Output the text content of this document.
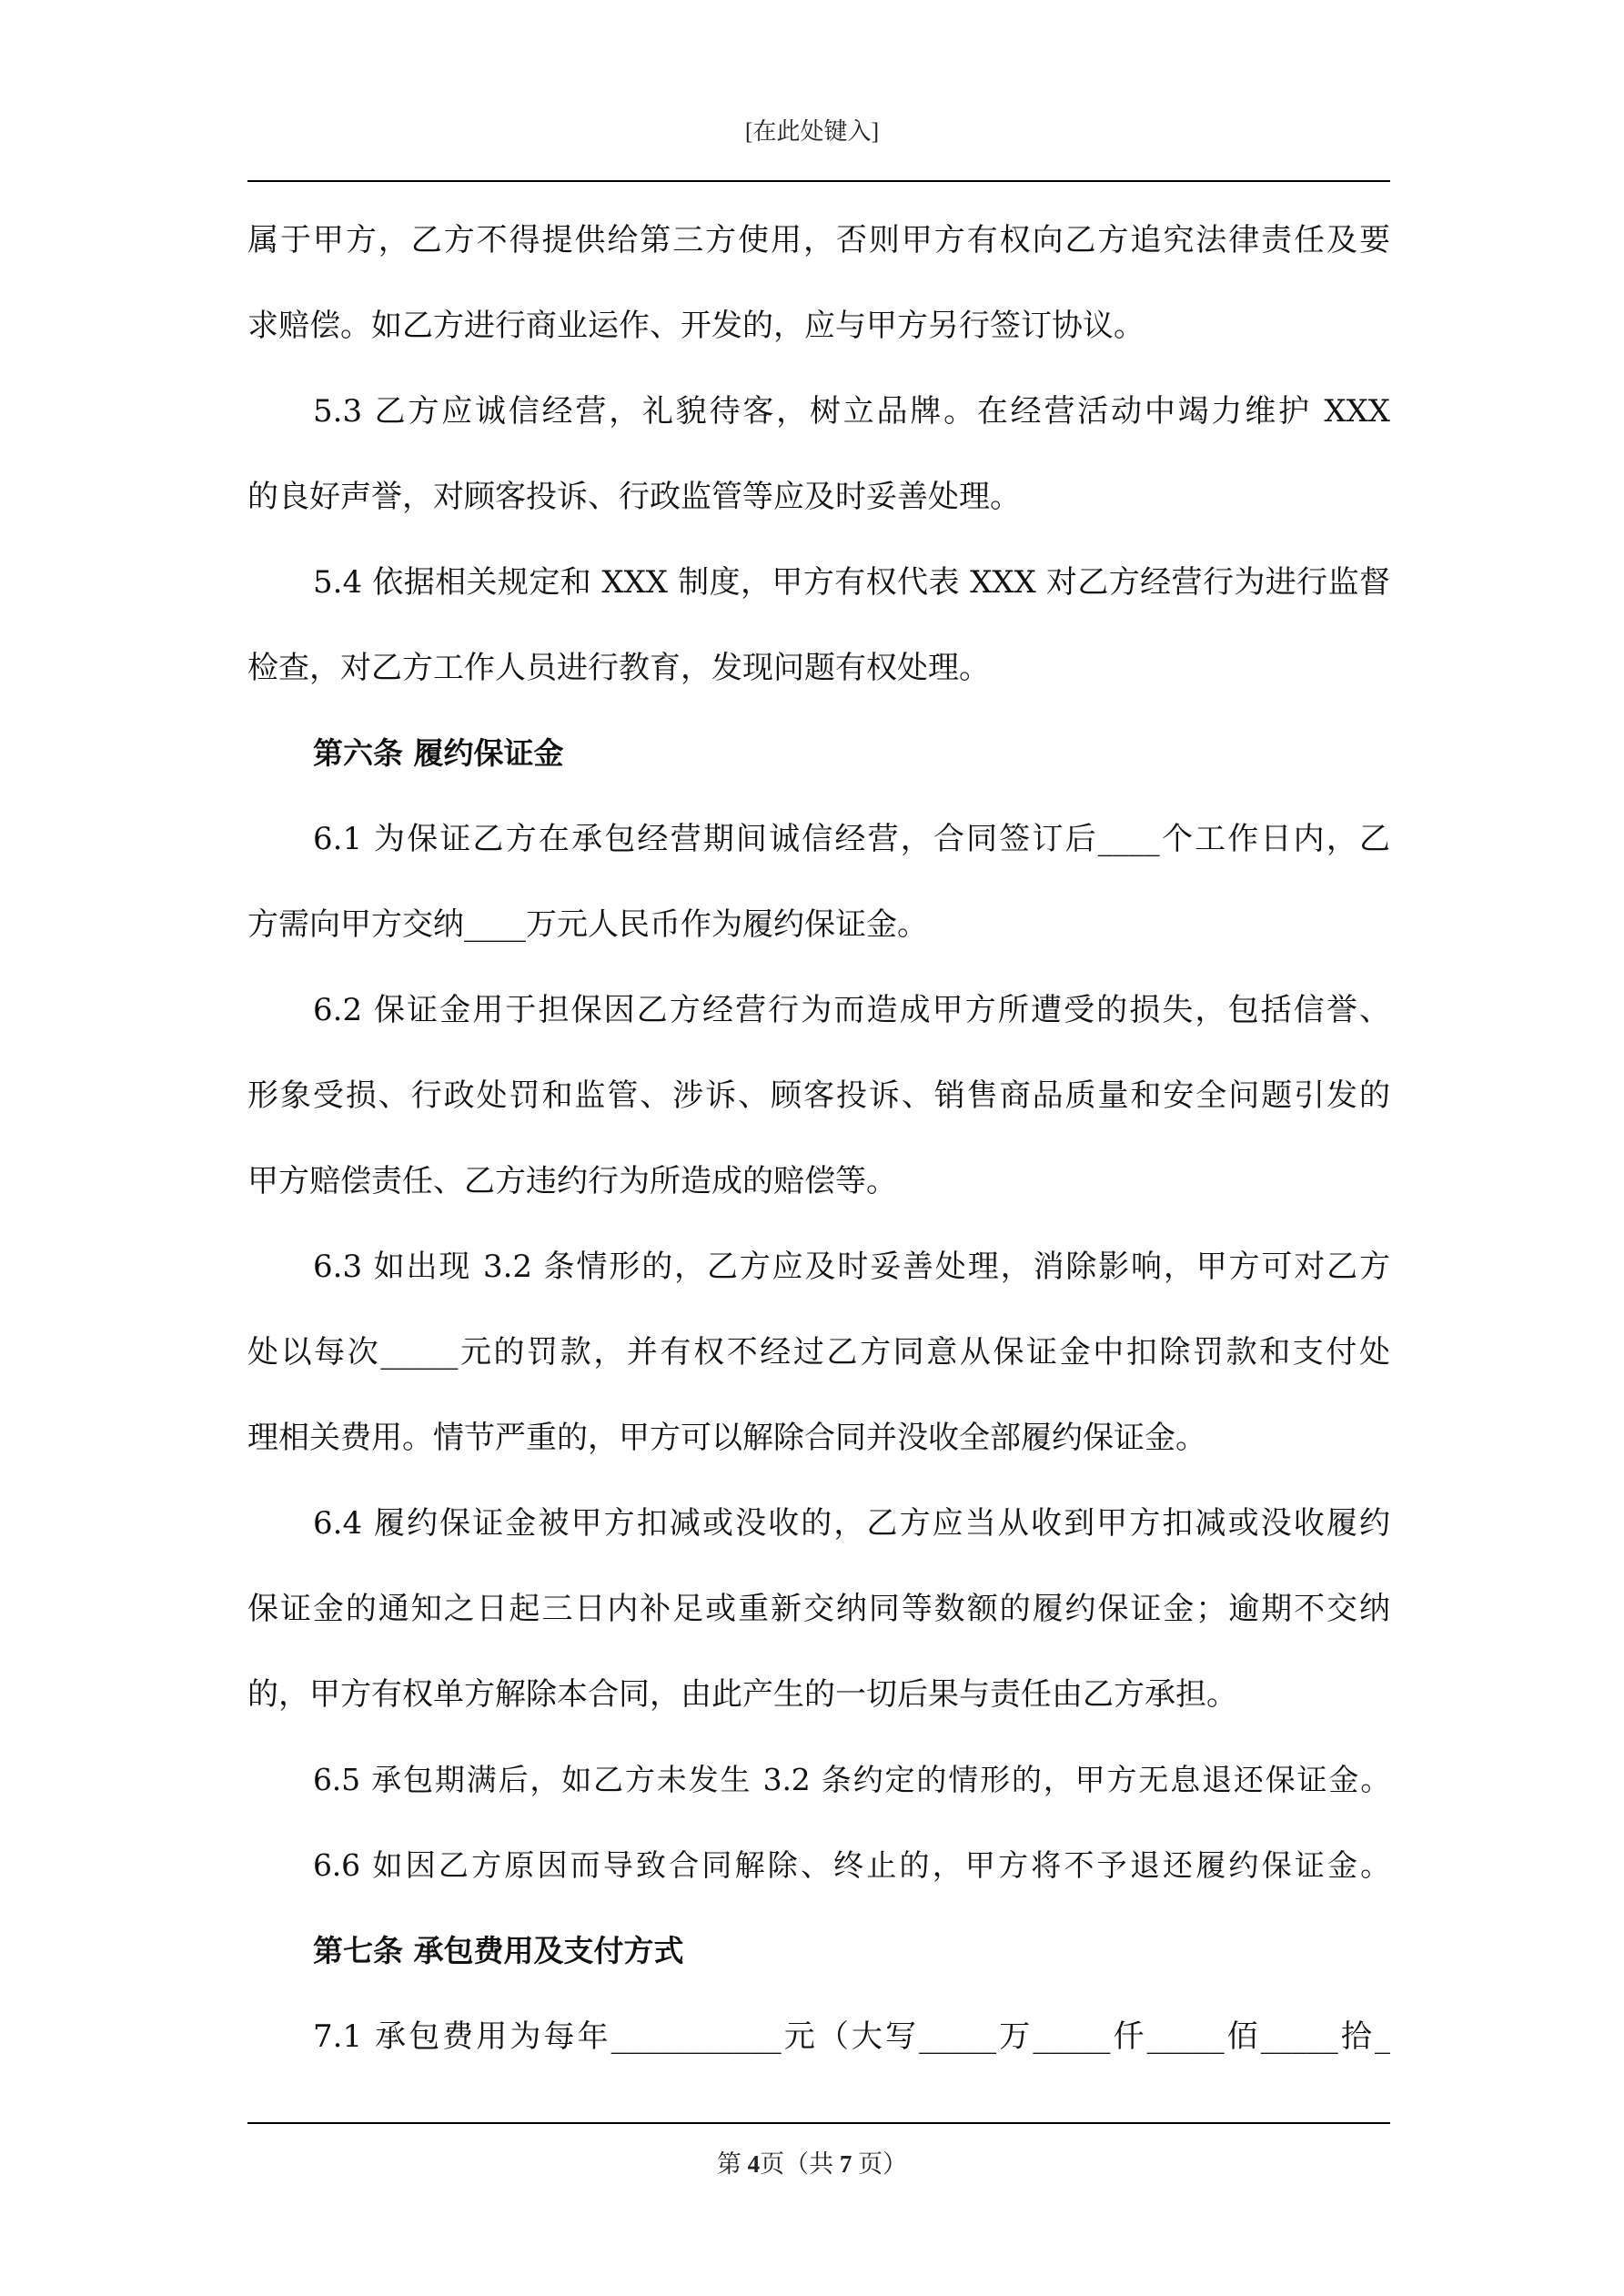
[在此处键入]
属于甲方，乙方不得提供给第三方使用，否则甲方有权向乙方追究法律责任及要
求赔偿。如乙方进行商业运作、开发的，应与甲方另行签订协议。
5.3 乙方应诚信经营，礼貌待客，树立品牌。在经营活动中竭力维护 XXX
的良好声誉，对顾客投诉、行政监管等应及时妥善处理。
5.4 依据相关规定和 XXX 制度，甲方有权代表 XXX 对乙方经营行为进行监督
检查，对乙方工作人员进行教育，发现问题有权处理。
第六条 履约保证金
6.1 为保证乙方在承包经营期间诚信经营，合同签订后____个工作日内，乙
方需向甲方交纳____万元人民币作为履约保证金。
6.2 保证金用于担保因乙方经营行为而造成甲方所遭受的损失，包括信誉、
形象受损、行政处罚和监管、涉诉、顾客投诉、销售商品质量和安全问题引发的
甲方赔偿责任、乙方违约行为所造成的赔偿等。
6.3 如出现 3.2 条情形的，乙方应及时妥善处理，消除影响，甲方可对乙方
处以每次_____元的罚款，并有权不经过乙方同意从保证金中扣除罚款和支付处
理相关费用。情节严重的，甲方可以解除合同并没收全部履约保证金。
6.4 履约保证金被甲方扣减或没收的，乙方应当从收到甲方扣减或没收履约
保证金的通知之日起三日内补足或重新交纳同等数额的履约保证金；逾期不交纳
的，甲方有权单方解除本合同，由此产生的一切后果与责任由乙方承担。
6.5 承包期满后，如乙方未发生 3.2 条约定的情形的，甲方无息退还保证金。
6.6 如因乙方原因而导致合同解除、终止的，甲方将不予退还履约保证金。
第七条 承包费用及支付方式
7.1 承包费用为每年___________元（大写_____万_____仟_____佰_____拾_
第 4页（共 7 页）
